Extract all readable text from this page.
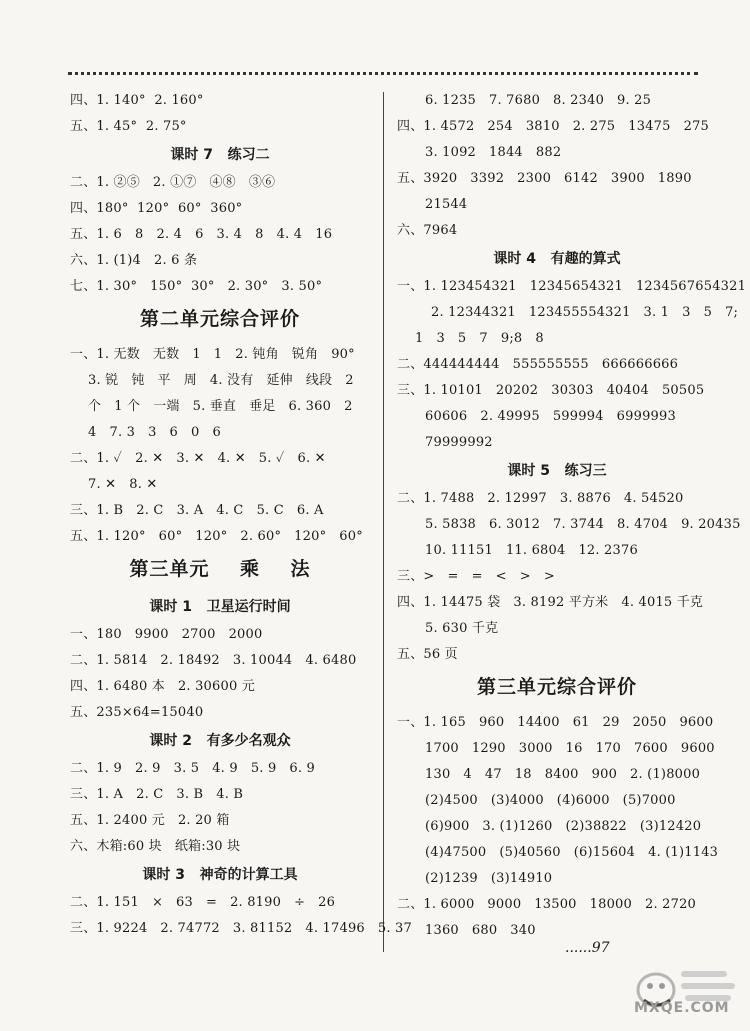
四、1. 140°  2. 160°
五、1. 45°  2. 75°
课时 7   练习二
二、1. ②⑤   2. ①⑦   ④⑧   ③⑥
四、180°  120°  60°  360°
五、1. 6   8   2. 4   6   3. 4   8   4. 4   16
六、1. (1)4   2. 6 条
七、1. 30°   150°  30°   2. 30°   3. 50°
第二单元综合评价
一、1. 无数   无数   1   1   2. 钝角   锐角   90°
3. 锐   钝   平   周   4. 没有   延伸   线段   2
个   1 个   一端   5. 垂直   垂足   6. 360   2
4   7. 3   3   6   0   6
二、1. ✓   2. ✕   3. ✕   4. ✕   5. ✓   6. ✕
7. ✕   8. ✕
三、1. B   2. C   3. A   4. C   5. C   6. A
五、1. 120°   60°   120°   2. 60°   120°   60°
第三单元    乘    法
课时 1   卫星运行时间
一、180   9900   2700   2000
二、1. 5814   2. 18492   3. 10044   4. 6480
四、1. 6480 本   2. 30600 元
五、235×64=15040
课时 2   有多少名观众
二、1. 9   2. 9   3. 5   4. 9   5. 9   6. 9
三、1. A   2. C   3. B   4. B
五、1. 2400 元   2. 20 箱
六、木箱:60 块   纸箱:30 块
课时 3   神奇的计算工具
二、1. 151   ×   63   =   2. 8190   ÷   26
三、1. 9224   2. 74772   3. 81152   4. 17496   5. 37
6. 1235   7. 7680   8. 2340   9. 25
四、1. 4572   254   3810   2. 275   13475   275
3. 1092   1844   882
五、3920   3392   2300   6142   3900   1890
21544
六、7964
课时 4   有趣的算式
一、1. 123454321   12345654321   1234567654321
2. 12344321   123455554321   3. 1   3   5   7;
1   3   5   7   9;8   8
二、444444444   555555555   666666666
三、1. 10101   20202   30303   40404   50505
60606   2. 49995   599994   6999993
79999992
课时 5   练习三
二、1. 7488   2. 12997   3. 8876   4. 54520
5. 5838   6. 3012   7. 3744   8. 4704   9. 20435
10. 11151   11. 6804   12. 2376
三、>   =   =   <   >   >
四、1. 14475 袋   3. 8192 平方米   4. 4015 千克
5. 630 千克
五、56 页
第三单元综合评价
一、1. 165   960   14400   61   29   2050   9600
1700   1290   3000   16   170   7600   9600
130   4   47   18   8400   900   2. (1)8000
(2)4500   (3)4000   (4)6000   (5)7000
(6)900   3. (1)1260   (2)38822   (3)12420
(4)47500   (5)40560   (6)15604   4. (1)1143
(2)1239   (3)14910
二、1. 6000   9000   13500   18000   2. 2720
1360   680   340
......97
MXQE.COM
